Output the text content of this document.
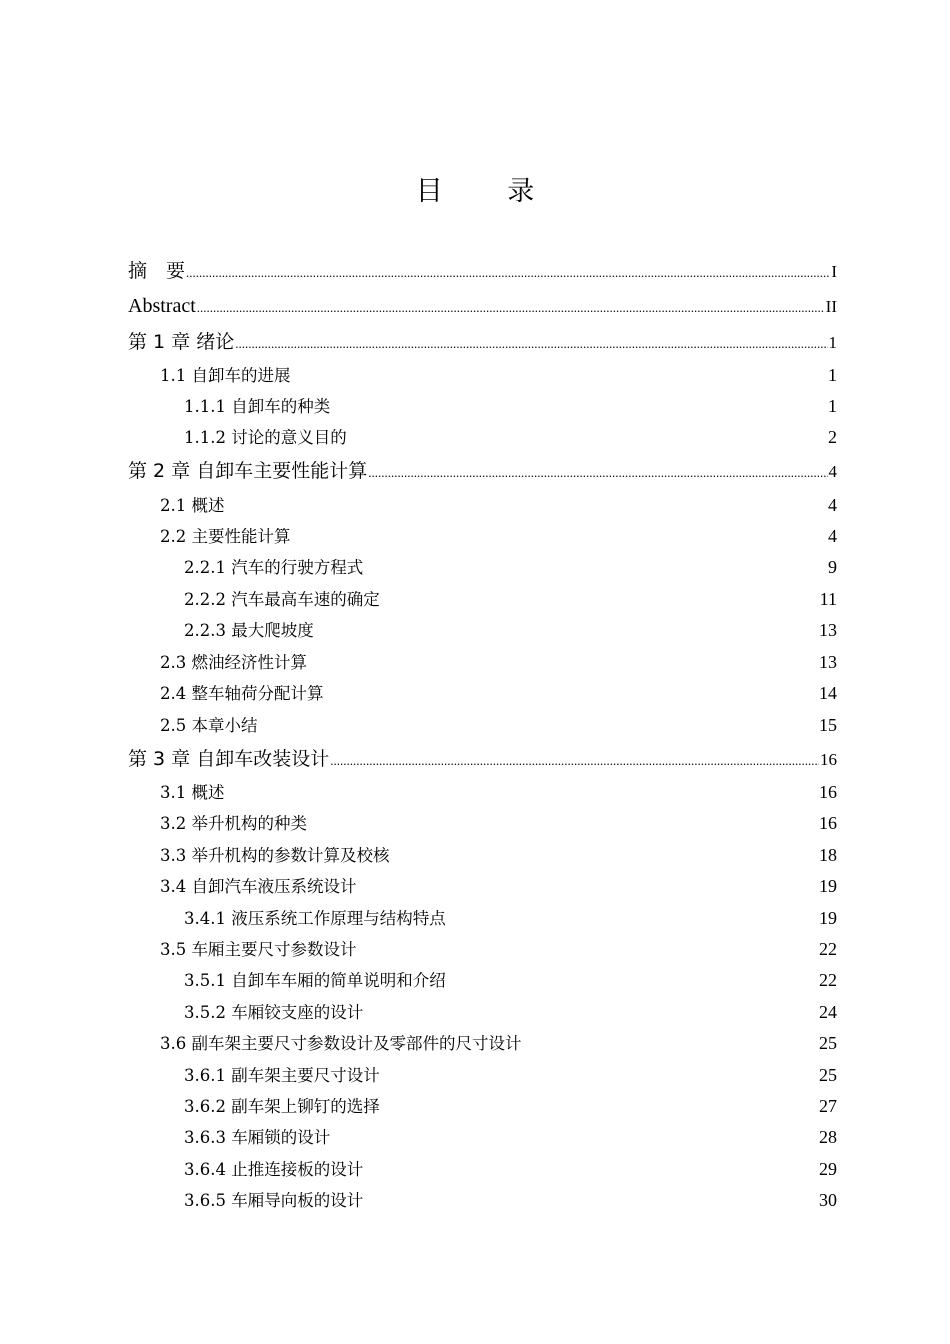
目 录
摘　要 .....	I
Abstract .....	II
第 1 章 绪论 .....	1
1.1 自卸车的进展	1
1.1.1 自卸车的种类	1
1.1.2 讨论的意义目的	2
第 2 章 自卸车主要性能计算 .....	4
2.1 概述	4
2.2 主要性能计算	4
2.2.1 汽车的行驶方程式	9
2.2.2 汽车最高车速的确定	11
2.2.3 最大爬坡度	13
2.3 燃油经济性计算	13
2.4 整车轴荷分配计算	14
2.5 本章小结	15
第 3 章 自卸车改装设计 .....	16
3.1 概述	16
3.2 举升机构的种类	16
3.3 举升机构的参数计算及校核	18
3.4 自卸汽车液压系统设计	19
3.4.1 液压系统工作原理与结构特点	19
3.5 车厢主要尺寸参数设计	22
3.5.1 自卸车车厢的简单说明和介绍	22
3.5.2 车厢铰支座的设计	24
3.6 副车架主要尺寸参数设计及零部件的尺寸设计	25
3.6.1 副车架主要尺寸设计	25
3.6.2 副车架上铆钉的选择	27
3.6.3 车厢锁的设计	28
3.6.4 止推连接板的设计	29
3.6.5 车厢导向板的设计	30
